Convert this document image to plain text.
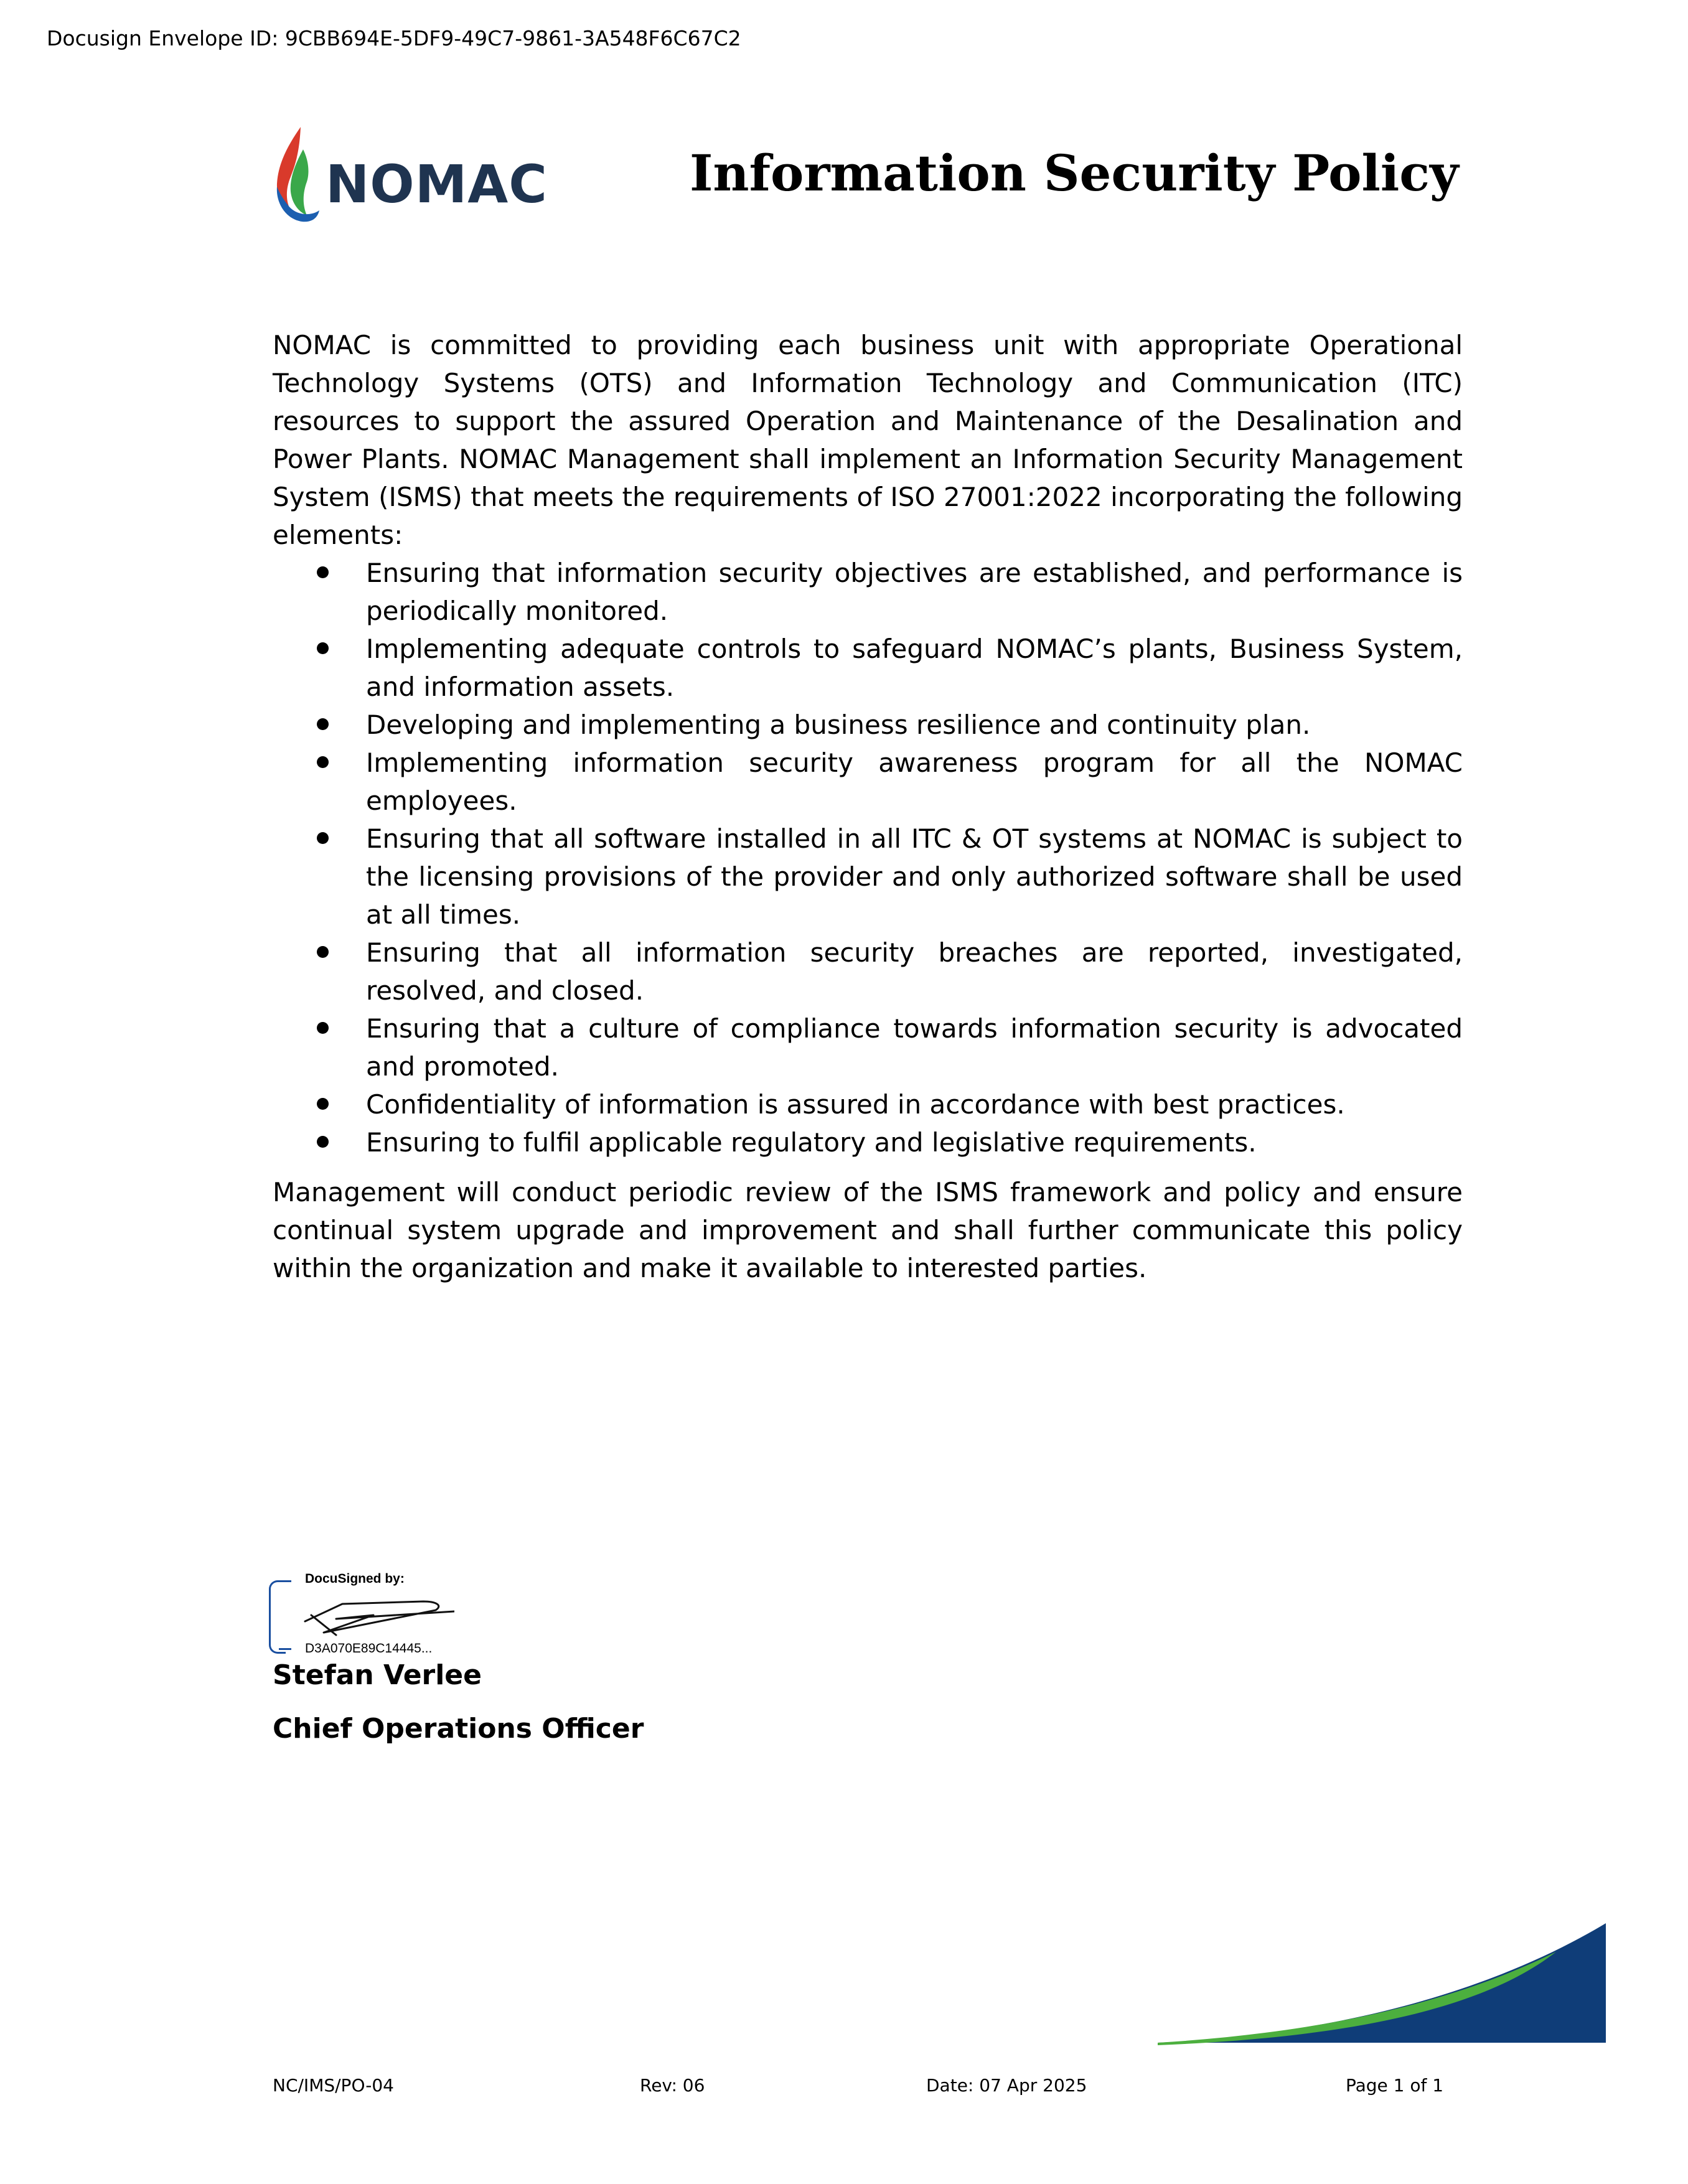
Docusign Envelope ID: 9CBB694E-5DF9-49C7-9861-3A548F6C67C2
NOMAC	Information Security Policy

NOMAC is committed to providing each business unit with appropriate Operational Technology Systems (OTS) and Information Technology and Communication (ITC) resources to support the assured Operation and Maintenance of the Desalination and Power Plants. NOMAC Management shall implement an Information Security Management System (ISMS) that meets the requirements of ISO 27001:2022 incorporating the following elements:

Ensuring that information security objectives are established, and performance is periodically monitored.
Implementing adequate controls to safeguard NOMAC’s plants, Business System, and information assets.
Developing and implementing a business resilience and continuity plan.
Implementing information security awareness program for all the NOMAC employees.
Ensuring that all software installed in all ITC & OT systems at NOMAC is subject to the licensing provisions of the provider and only authorized software shall be used at all times.
Ensuring that all information security breaches are reported, investigated, resolved, and closed.
Ensuring that a culture of compliance towards information security is advocated and promoted.
Confidentiality of information is assured in accordance with best practices.
Ensuring to fulfil applicable regulatory and legislative requirements.

Management will conduct periodic review of the ISMS framework and policy and ensure continual system upgrade and improvement and shall further communicate this policy within the organization and make it available to interested parties.

DocuSigned by:
D3A070E89C14445...
Stefan Verlee
Chief Operations Officer
NC/IMS/PO-04	Rev: 06	Date: 07 Apr 2025	Page 1 of 1
